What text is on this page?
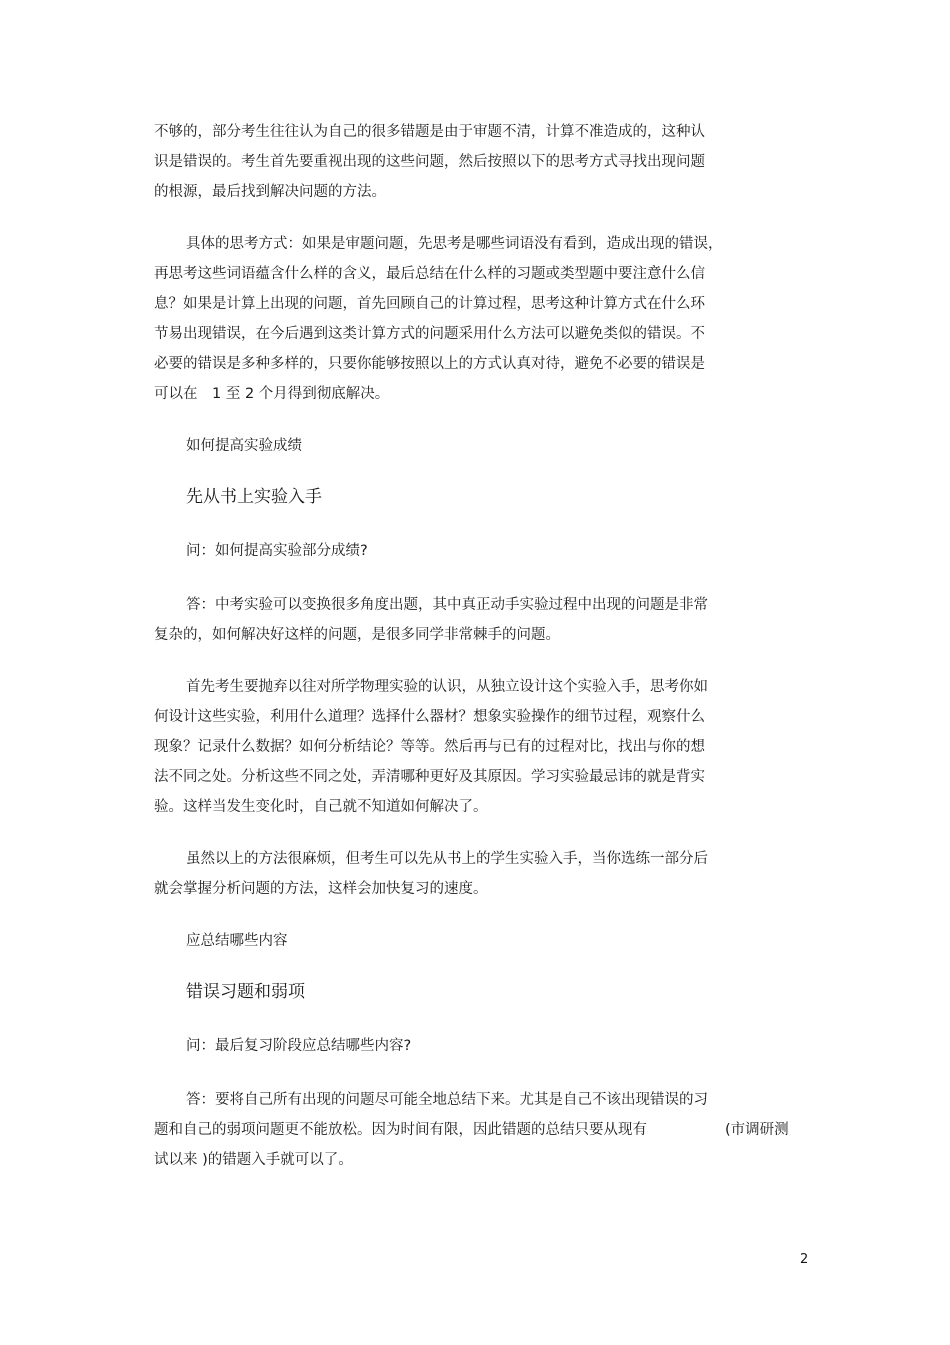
不够的，部分考生往往认为自己的很多错题是由于审题不清，计算不准造成的，这种认
识是错误的。考生首先要重视出现的这些问题，然后按照以下的思考方式寻找出现问题
的根源，最后找到解决问题的方法。
具体的思考方式：如果是审题问题，先思考是哪些词语没有看到，造成出现的错误，
再思考这些词语蕴含什么样的含义，最后总结在什么样的习题或类型题中要注意什么信
息？如果是计算上出现的问题，首先回顾自己的计算过程，思考这种计算方式在什么环
节易出现错误，在今后遇到这类计算方式的问题采用什么方法可以避免类似的错误。不
必要的错误是多种多样的，只要你能够按照以上的方式认真对待，避免不必要的错误是
可以在　1 至 2 个月得到彻底解决。
如何提高实验成绩
先从书上实验入手
问：如何提高实验部分成绩?
答：中考实验可以变换很多角度出题，其中真正动手实验过程中出现的问题是非常
复杂的，如何解决好这样的问题，是很多同学非常棘手的问题。
首先考生要抛弃以往对所学物理实验的认识，从独立设计这个实验入手，思考你如
何设计这些实验，利用什么道理？选择什么器材？想象实验操作的细节过程，观察什么
现象？记录什么数据？如何分析结论？等等。然后再与已有的过程对比，找出与你的想
法不同之处。分析这些不同之处，弄清哪种更好及其原因。学习实验最忌讳的就是背实
验。这样当发生变化时，自己就不知道如何解决了。
虽然以上的方法很麻烦，但考生可以先从书上的学生实验入手，当你选练一部分后
就会掌握分析问题的方法，这样会加快复习的速度。
应总结哪些内容
错误习题和弱项
问：最后复习阶段应总结哪些内容?
答：要将自己所有出现的问题尽可能全地总结下来。尤其是自己不该出现错误的习
题和自己的弱项问题更不能放松。因为时间有限，因此错题的总结只要从现有	(市调研测
试以来 )的错题入手就可以了。
2
